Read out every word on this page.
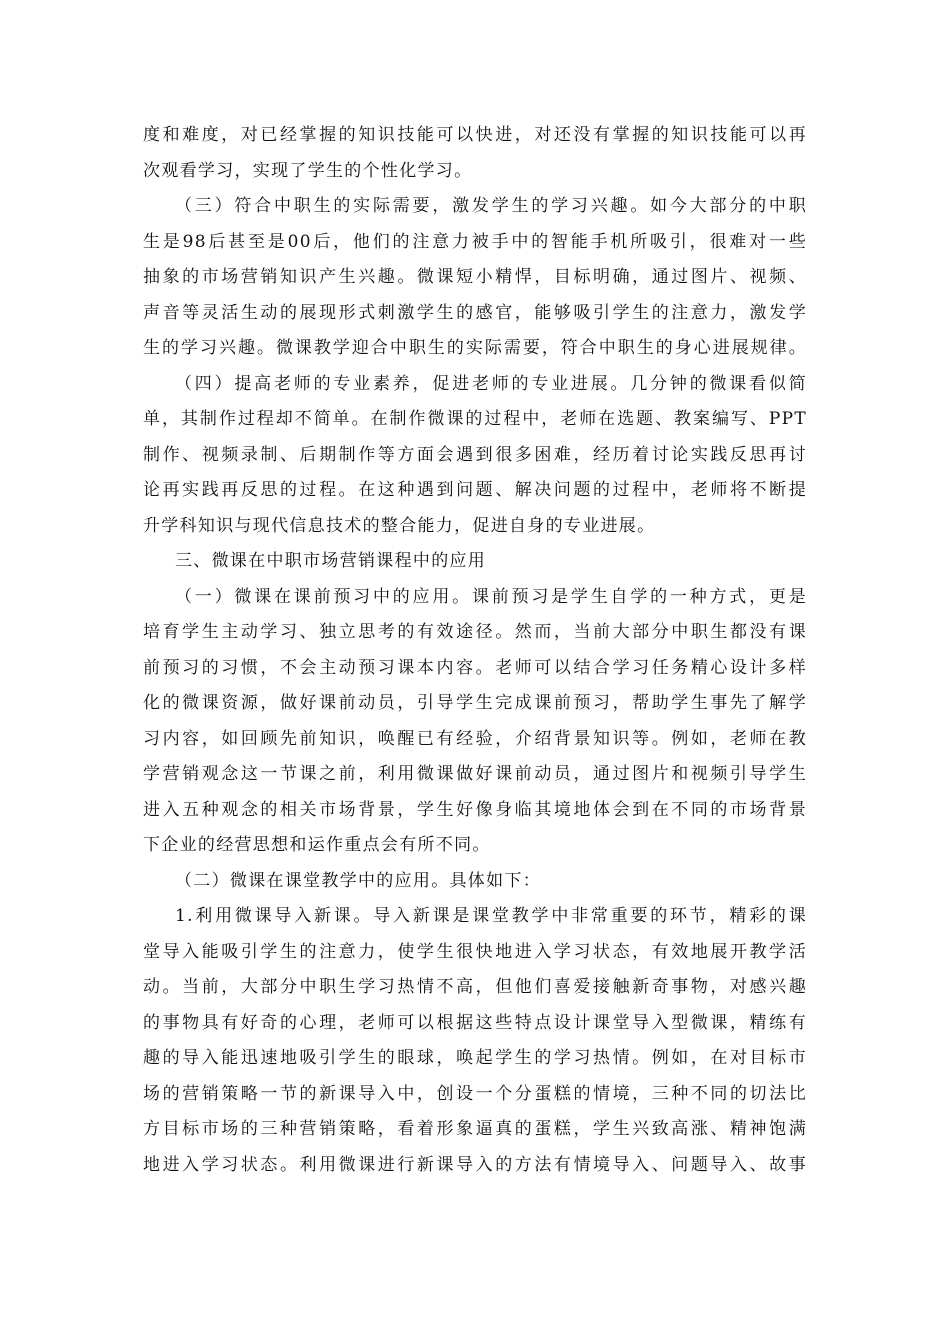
度和难度，对已经掌握的知识技能可以快进，对还没有掌握的知识技能可以再
次观看学习，实现了学生的个性化学习。
（三）符合中职生的实际需要，激发学生的学习兴趣。如今大部分的中职
生是98后甚至是00后，他们的注意力被手中的智能手机所吸引，很难对一些
抽象的市场营销知识产生兴趣。微课短小精悍，目标明确，通过图片、视频、
声音等灵活生动的展现形式刺激学生的感官，能够吸引学生的注意力，激发学
生的学习兴趣。微课教学迎合中职生的实际需要，符合中职生的身心进展规律。
（四）提高老师的专业素养，促进老师的专业进展。几分钟的微课看似简
单，其制作过程却不简单。在制作微课的过程中，老师在选题、教案编写、PPT
制作、视频录制、后期制作等方面会遇到很多困难，经历着讨论实践反思再讨
论再实践再反思的过程。在这种遇到问题、解决问题的过程中，老师将不断提
升学科知识与现代信息技术的整合能力，促进自身的专业进展。
三、微课在中职市场营销课程中的应用
（一）微课在课前预习中的应用。课前预习是学生自学的一种方式，更是
培育学生主动学习、独立思考的有效途径。然而，当前大部分中职生都没有课
前预习的习惯，不会主动预习课本内容。老师可以结合学习任务精心设计多样
化的微课资源，做好课前动员，引导学生完成课前预习，帮助学生事先了解学
习内容，如回顾先前知识，唤醒已有经验，介绍背景知识等。例如，老师在教
学营销观念这一节课之前，利用微课做好课前动员，通过图片和视频引导学生
进入五种观念的相关市场背景，学生好像身临其境地体会到在不同的市场背景
下企业的经营思想和运作重点会有所不同。
（二）微课在课堂教学中的应用。具体如下：
1.利用微课导入新课。导入新课是课堂教学中非常重要的环节，精彩的课
堂导入能吸引学生的注意力，使学生很快地进入学习状态，有效地展开教学活
动。当前，大部分中职生学习热情不高，但他们喜爱接触新奇事物，对感兴趣
的事物具有好奇的心理，老师可以根据这些特点设计课堂导入型微课，精练有
趣的导入能迅速地吸引学生的眼球，唤起学生的学习热情。例如，在对目标市
场的营销策略一节的新课导入中，创设一个分蛋糕的情境，三种不同的切法比
方目标市场的三种营销策略，看着形象逼真的蛋糕，学生兴致高涨、精神饱满
地进入学习状态。利用微课进行新课导入的方法有情境导入、问题导入、故事
